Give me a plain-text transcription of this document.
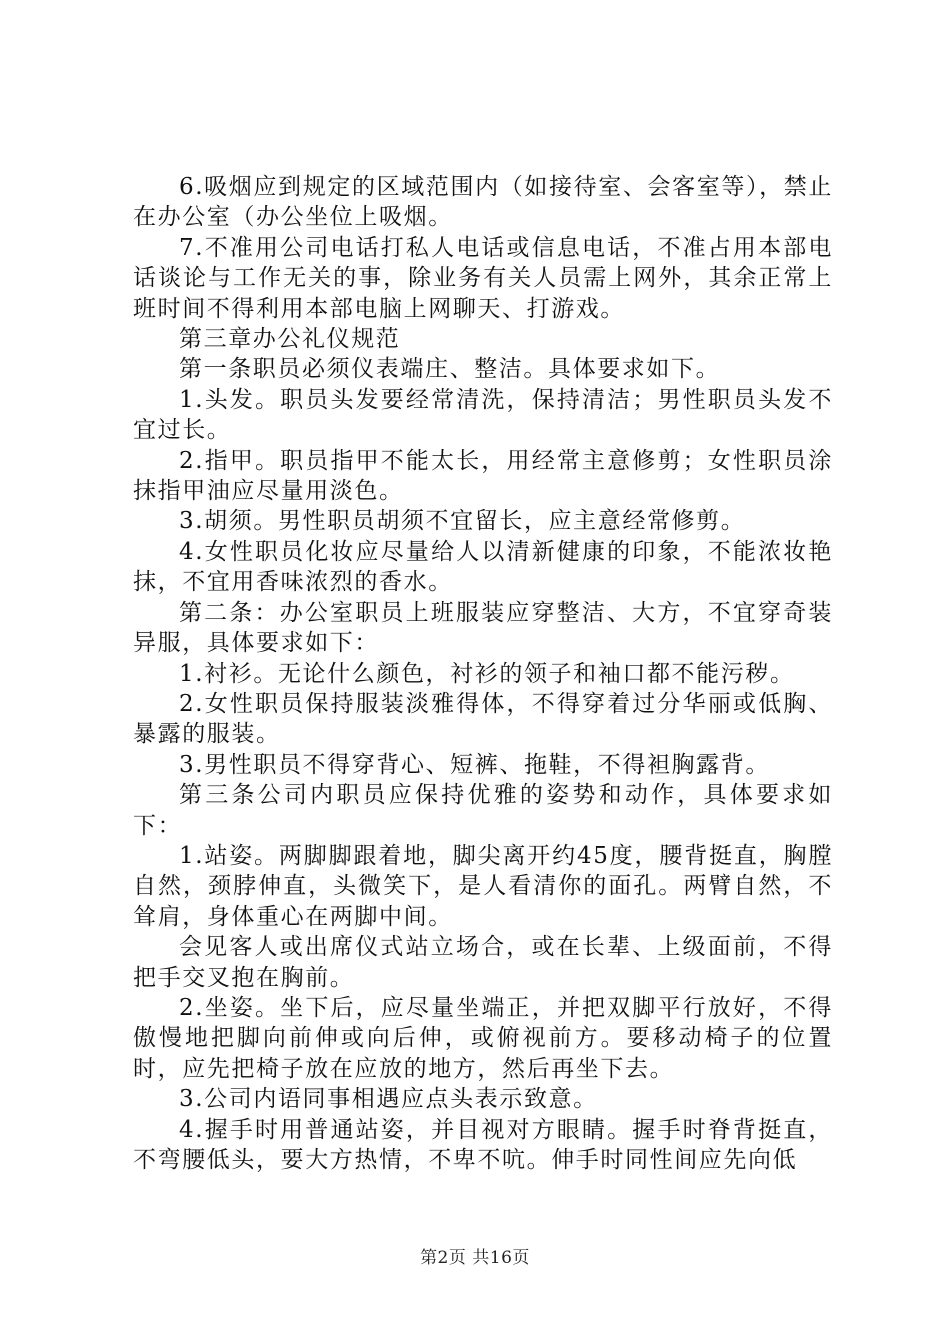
6.吸烟应到规定的区域范围内（如接待室、会客室等），禁止在办公室（办公坐位上吸烟。

7.不准用公司电话打私人电话或信息电话，不准占用本部电话谈论与工作无关的事，除业务有关人员需上网外，其余正常上班时间不得利用本部电脑上网聊天、打游戏。

第三章办公礼仪规范

第一条职员必须仪表端庄、整洁。具体要求如下。

1.头发。职员头发要经常清洗，保持清洁；男性职员头发不宜过长。

2.指甲。职员指甲不能太长，用经常主意修剪；女性职员涂抹指甲油应尽量用淡色。

3.胡须。男性职员胡须不宜留长，应主意经常修剪。

4.女性职员化妆应尽量给人以清新健康的印象，不能浓妆艳抹，不宜用香味浓烈的香水。

第二条：办公室职员上班服装应穿整洁、大方，不宜穿奇装异服，具体要求如下：

1.衬衫。无论什么颜色，衬衫的领子和袖口都不能污秽。

2.女性职员保持服装淡雅得体，不得穿着过分华丽或低胸、暴露的服装。

3.男性职员不得穿背心、短裤、拖鞋，不得袒胸露背。

第三条公司内职员应保持优雅的姿势和动作，具体要求如下：

1.站姿。两脚脚跟着地，脚尖离开约45度，腰背挺直，胸膛自然，颈脖伸直，头微笑下，是人看清你的面孔。两臂自然，不耸肩，身体重心在两脚中间。

会见客人或出席仪式站立场合，或在长辈、上级面前，不得把手交叉抱在胸前。

2.坐姿。坐下后，应尽量坐端正，并把双脚平行放好，不得傲慢地把脚向前伸或向后伸，或俯视前方。要移动椅子的位置时，应先把椅子放在应放的地方，然后再坐下去。

3.公司内语同事相遇应点头表示致意。

4.握手时用普通站姿，并目视对方眼睛。握手时脊背挺直，不弯腰低头，要大方热情，不卑不吭。伸手时同性间应先向低

第2页 共16页
